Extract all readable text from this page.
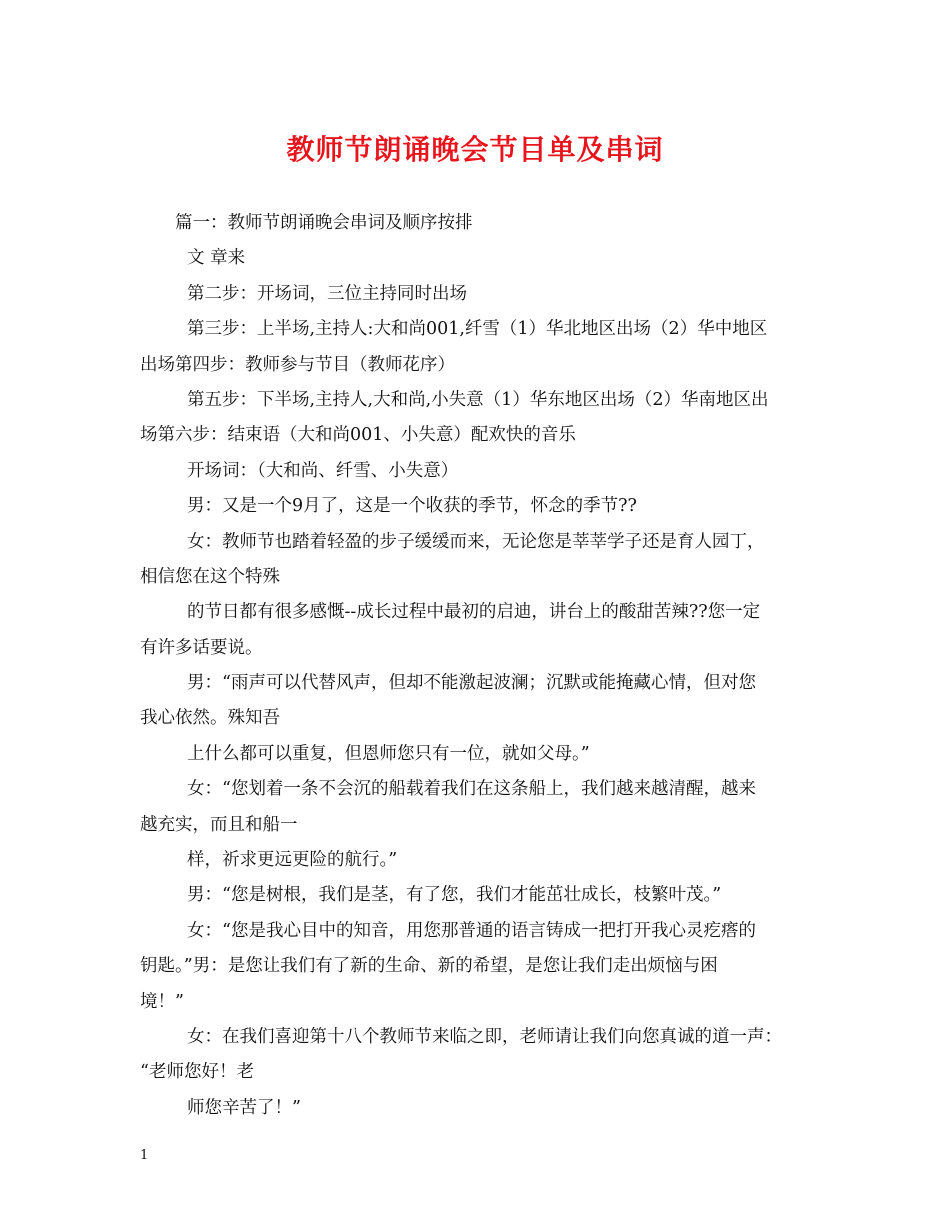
教师节朗诵晚会节目单及串词
篇一：教师节朗诵晚会串词及顺序按排
文 章来
第二步：开场词，三位主持同时出场
第三步：上半场,主持人:大和尚001,纤雪（1）华北地区出场（2）华中地区
出场第四步：教师参与节目（教师花序）
第五步：下半场,主持人,大和尚,小失意（1）华东地区出场（2）华南地区出
场第六步：结束语（大和尚001、小失意）配欢快的音乐
开场词：（大和尚、纤雪、小失意）
男：又是一个9月了，这是一个收获的季节，怀念的季节??
女：教师节也踏着轻盈的步子缓缓而来，无论您是莘莘学子还是育人园丁，
相信您在这个特殊
的节日都有很多感慨--成长过程中最初的启迪，讲台上的酸甜苦辣??您一定
有许多话要说。
男：“雨声可以代替风声，但却不能激起波澜；沉默或能掩藏心情，但对您
我心依然。殊知吾
上什么都可以重复，但恩师您只有一位，就如父母。”
女：“您划着一条不会沉的船载着我们在这条船上，我们越来越清醒，越来
越充实，而且和船一
样，祈求更远更险的航行。”
男：“您是树根，我们是茎，有了您，我们才能茁壮成长，枝繁叶茂。”
女：“您是我心目中的知音，用您那普通的语言铸成一把打开我心灵疙瘩的
钥匙。”男：是您让我们有了新的生命、新的希望，是您让我们走出烦恼与困
境！”
女：在我们喜迎第十八个教师节来临之即，老师请让我们向您真诚的道一声：
“老师您好！老
师您辛苦了！”
1
